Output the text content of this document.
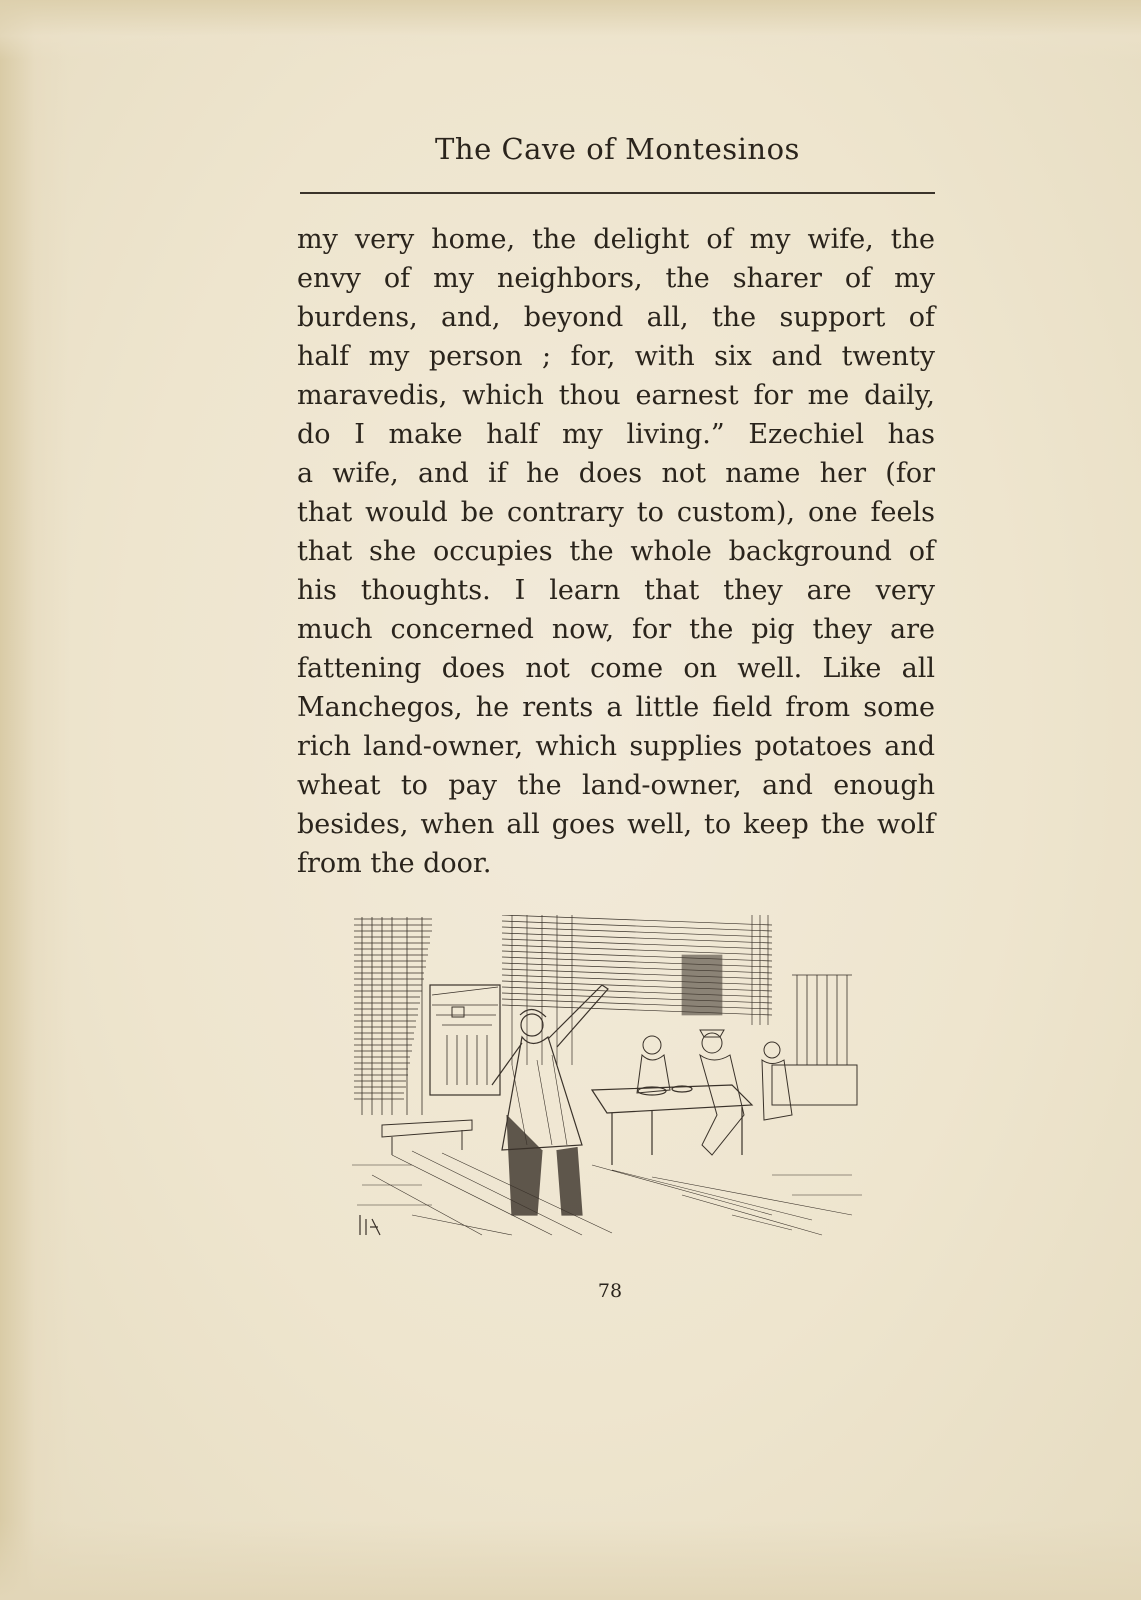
The Cave of Montesinos
my very home, the delight of my wife, the
envy of my neighbors, the sharer of my
burdens, and, beyond all, the support of
half my person ; for, with six and twenty
maravedis, which thou earnest for me daily,
do I make half my living.” Ezechiel has
a wife, and if he does not name her (for
that would be contrary to custom), one feels
that she occupies the whole background of
his thoughts. I learn that they are very
much concerned now, for the pig they are
fattening does not come on well. Like all
Manchegos, he rents a little field from some
rich land-owner, which supplies potatoes and
wheat to pay the land-owner, and enough
besides, when all goes well, to keep the wolf
from the door.
78
